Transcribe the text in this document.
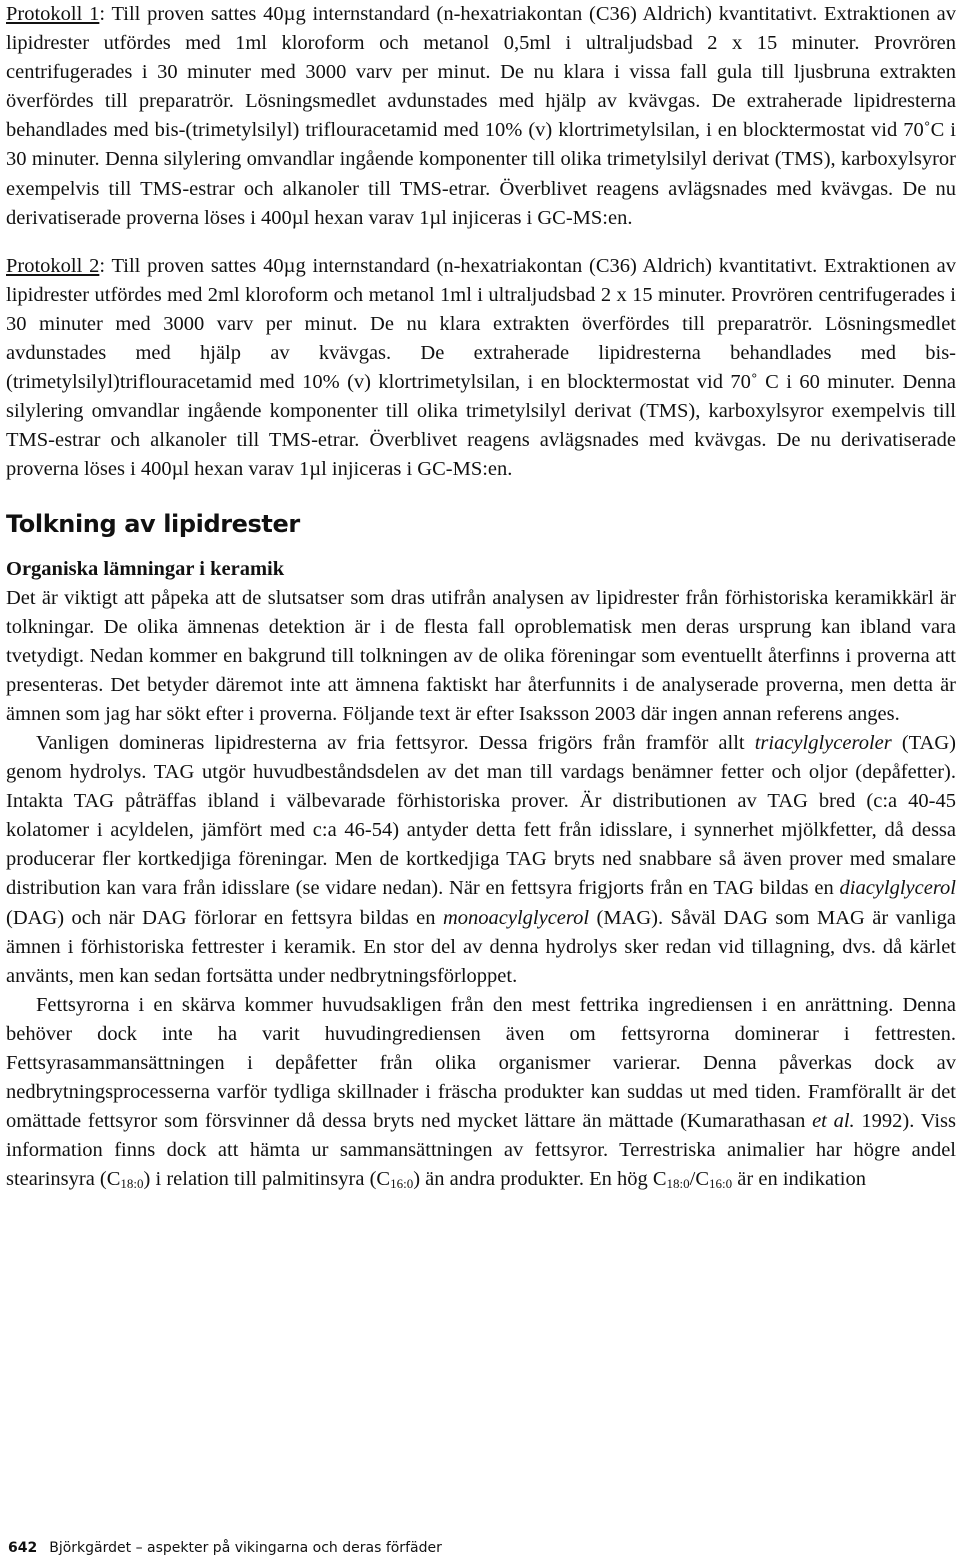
Protokoll 1: Till proven sattes 40µg internstandard (n-hexatriakontan (C36) Aldrich) kvantitativt. Extraktionen av lipidrester utfördes med 1ml kloroform och metanol 0,5ml i ultraljudsbad 2 x 15 minuter. Provrören centrifugerades i 30 minuter med 3000 varv per minut. De nu klara i vissa fall gula till ljusbruna extrakten överfördes till preparatrör. Lösningsmedlet avdunstades med hjälp av kvävgas. De extraherade lipidresterna behandlades med bis-(trimetylsilyl) triflouracetamid med 10% (v) klortrimetylsilan, i en blocktermostat vid 70˚C i 30 minuter. Denna silylering omvandlar ingående komponenter till olika trimetylsilyl derivat (TMS), karboxylsyror exempelvis till TMS-estrar och alkanoler till TMS-etrar. Överblivet reagens avlägsnades med kvävgas. De nu derivatiserade proverna löses i 400µl hexan varav 1µl injiceras i GC-MS:en.

Protokoll 2: Till proven sattes 40µg internstandard (n-hexatriakontan (C36) Aldrich) kvantitativt. Extraktionen av lipidrester utfördes med 2ml kloroform och metanol 1ml i ultraljudsbad 2 x 15 minuter. Provrören centrifugerades i 30 minuter med 3000 varv per minut. De nu klara extrakten överfördes till preparatrör. Lösningsmedlet avdunstades med hjälp av kvävgas. De extraherade lipidresterna behandlades med bis-(trimetylsilyl)triflouracetamid med 10% (v) klortrimetylsilan, i en blocktermostat vid 70˚ C i 60 minuter. Denna silylering omvandlar ingående komponenter till olika trimetylsilyl derivat (TMS), karboxylsyror exempelvis till TMS-estrar och alkanoler till TMS-etrar. Överblivet reagens avlägsnades med kvävgas. De nu derivatiserade proverna löses i 400µl hexan varav 1µl injiceras i GC-MS:en.

Tolkning av lipidrester
Organiska lämningar i keramik

Det är viktigt att påpeka att de slutsatser som dras utifrån analysen av lipidrester från förhistoriska keramikkärl är tolkningar. De olika ämnenas detektion är i de flesta fall oproblematisk men deras ursprung kan ibland vara tvetydigt. Nedan kommer en bakgrund till tolkningen av de olika föreningar som eventuellt återfinns i proverna att presenteras. Det betyder däremot inte att ämnena faktiskt har återfunnits i de analyserade proverna, men detta är ämnen som jag har sökt efter i proverna. Följande text är efter Isaksson 2003 där ingen annan referens anges.

Vanligen domineras lipidresterna av fria fettsyror. Dessa frigörs från framför allt triacylglyceroler (TAG) genom hydrolys. TAG utgör huvudbeståndsdelen av det man till vardags benämner fetter och oljor (depåfetter). Intakta TAG påträffas ibland i välbevarade förhistoriska prover. Är distributionen av TAG bred (c:a 40-45 kolatomer i acyldelen, jämfört med c:a 46-54) antyder detta fett från idisslare, i synnerhet mjölkfetter, då dessa producerar fler kortkedjiga föreningar. Men de kortkedjiga TAG bryts ned snabbare så även prover med smalare distribution kan vara från idisslare (se vidare nedan). När en fettsyra frigjorts från en TAG bildas en diacylglycerol (DAG) och när DAG förlorar en fettsyra bildas en monoacylglycerol (MAG). Såväl DAG som MAG är vanliga ämnen i förhistoriska fettrester i keramik. En stor del av denna hydrolys sker redan vid tillagning, dvs. då kärlet använts, men kan sedan fortsätta under nedbrytningsförloppet.

Fettsyrorna i en skärva kommer huvudsakligen från den mest fettrika ingrediensen i en anrättning. Denna behöver dock inte ha varit huvudingrediensen även om fettsyrorna dominerar i fettresten. Fettsyrasammansättningen i depåfetter från olika organismer varierar. Denna påverkas dock av nedbrytningsprocesserna varför tydliga skillnader i fräscha produkter kan suddas ut med tiden. Framförallt är det omättade fettsyror som försvinner då dessa bryts ned mycket lättare än mättade (Kumarathasan et al. 1992). Viss information finns dock att hämta ur sammansättningen av fettsyror. Terrestriska animalier har högre andel stearinsyra $(C_{18:0})$ i relation till palmitinsyra $(C_{16:0})$ än andra produkter. En hög $C_{18:0}/C_{16:0}$ är en indikation

642 Björkgärdet – aspekter på vikingarna och deras förfäder
